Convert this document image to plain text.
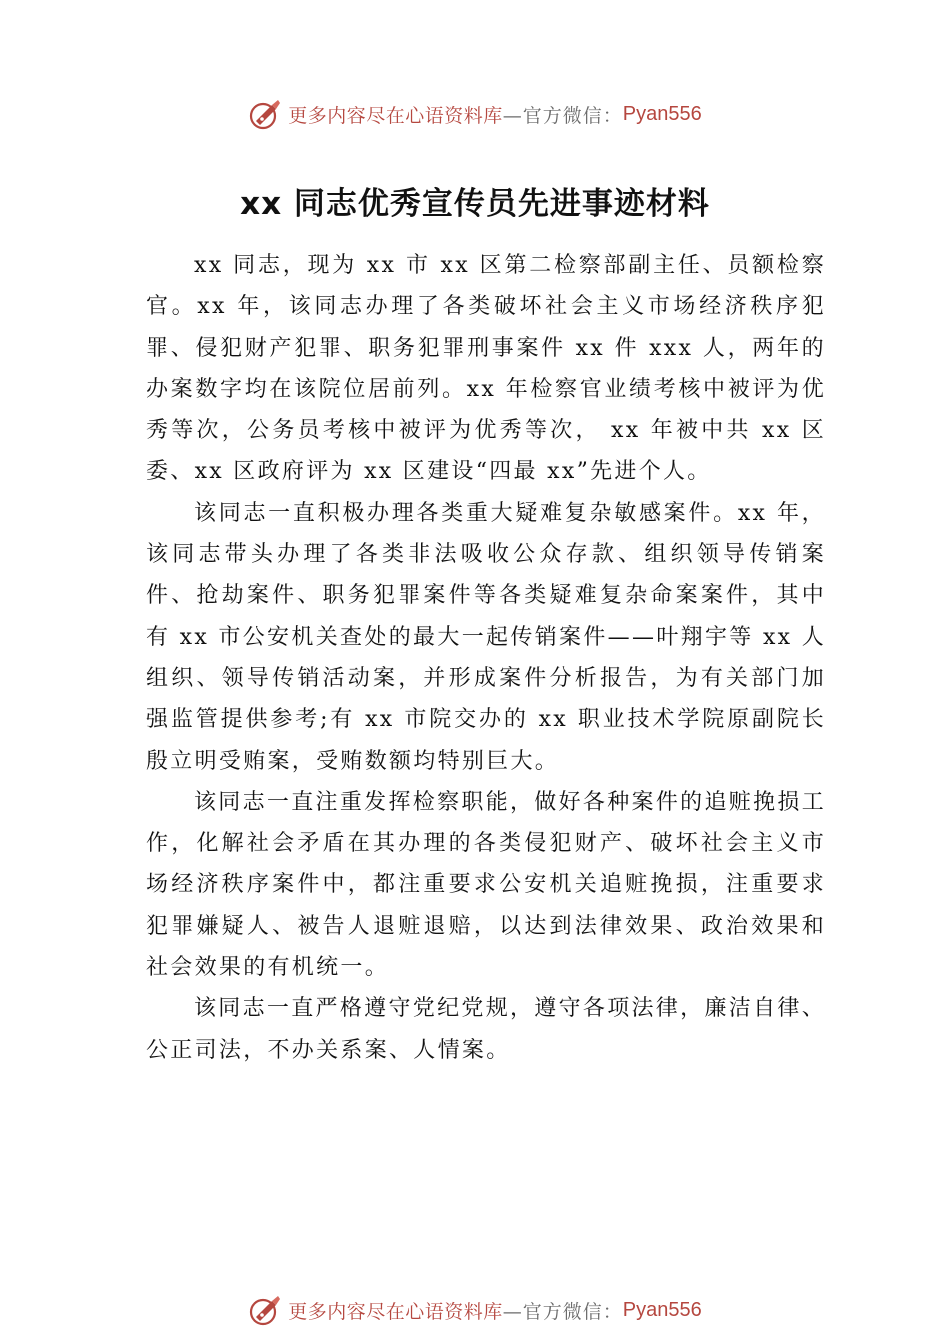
更多内容尽在心语资料库 —官方微信： Pyan556
xx 同志优秀宣传员先进事迹材料

xx 同志，现为 xx 市 xx 区第二检察部副主任、员额检察官。xx 年，该同志办理了各类破坏社会主义市场经济秩序犯罪、侵犯财产犯罪、职务犯罪刑事案件 xx 件 xxx 人，两年的办案数字均在该院位居前列。xx 年检察官业绩考核中被评为优秀等次，公务员考核中被评为优秀等次， xx 年被中共 xx 区委、xx 区政府评为 xx 区建设“四最 xx”先进个人。

该同志一直积极办理各类重大疑难复杂敏感案件。xx 年，该同志带头办理了各类非法吸收公众存款、组织领导传销案件、抢劫案件、职务犯罪案件等各类疑难复杂命案案件，其中有 xx 市公安机关查处的最大一起传销案件——叶翔宇等 xx 人组织、领导传销活动案，并形成案件分析报告，为有关部门加强监管提供参考;有 xx 市院交办的 xx 职业技术学院原副院长殷立明受贿案，受贿数额均特别巨大。

该同志一直注重发挥检察职能，做好各种案件的追赃挽损工作，化解社会矛盾在其办理的各类侵犯财产、破坏社会主义市场经济秩序案件中，都注重要求公安机关追赃挽损，注重要求犯罪嫌疑人、被告人退赃退赔，以达到法律效果、政治效果和社会效果的有机统一。

该同志一直严格遵守党纪党规，遵守各项法律，廉洁自律、公正司法，不办关系案、人情案。

更多内容尽在心语资料库 —官方微信： Pyan556
